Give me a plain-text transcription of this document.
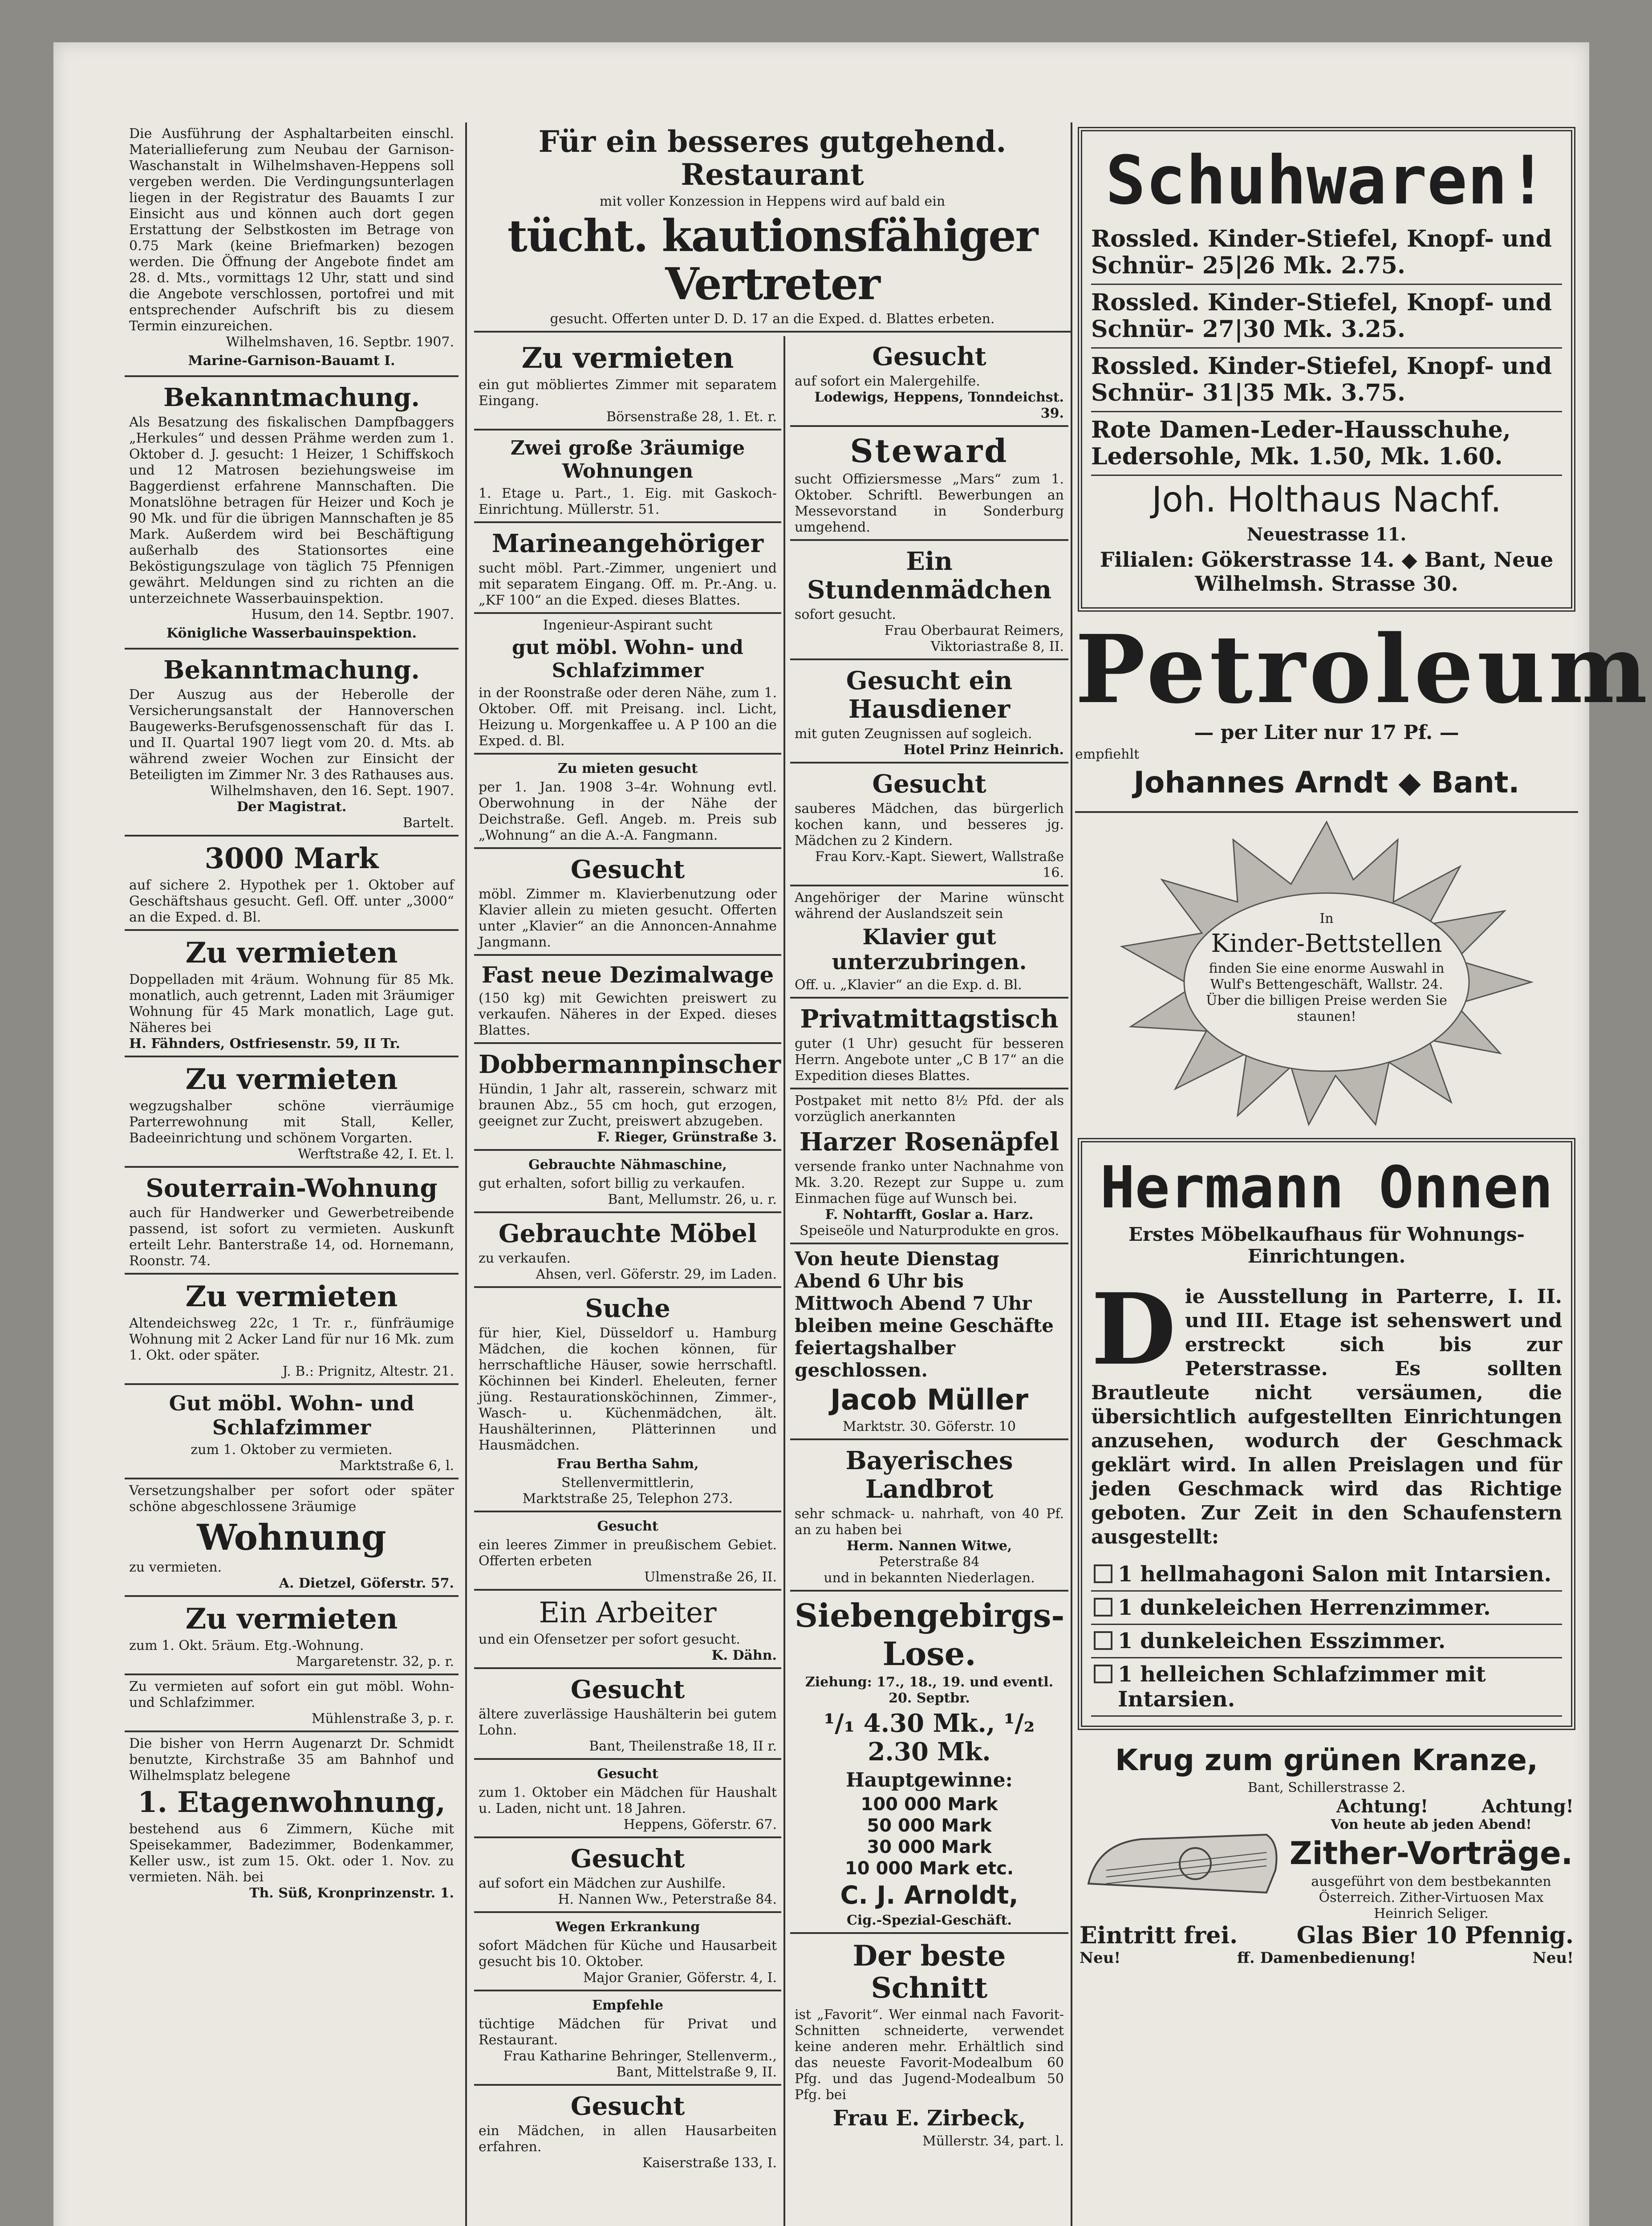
Die Ausführung der Asphaltarbeiten einschl. Materiallieferung zum Neubau der Garnison-Waschanstalt in Wilhelmshaven-Heppens soll vergeben werden. Die Verdingungsunterlagen liegen in der Registratur des Bauamts I zur Einsicht aus und können auch dort gegen Erstattung der Selbstkosten im Betrage von 0.75 Mark (keine Briefmarken) bezogen werden. Die Öffnung der Angebote findet am 28. d. Mts., vormittags 12 Uhr, statt und sind die Angebote verschlossen, portofrei und mit entsprechender Aufschrift bis zu diesem Termin einzureichen.
Wilhelmshaven, 16. Septbr. 1907.
Marine-Garnison-Bauamt I.
Bekanntmachung.
Als Besatzung des fiskalischen Dampfbaggers „Herkules“ und dessen Prähme werden zum 1. Oktober d. J. gesucht: 1 Heizer, 1 Schiffskoch und 12 Matrosen beziehungsweise im Baggerdienst erfahrene Mannschaften. Die Monatslöhne betragen für Heizer und Koch je 90 Mk. und für die übrigen Mannschaften je 85 Mark. Außerdem wird bei Beschäftigung außerhalb des Stationsortes eine Beköstigungszulage von täglich 75 Pfennigen gewährt. Meldungen sind zu richten an die unterzeichnete Wasserbauinspektion.
Husum, den 14. Septbr. 1907.
Königliche Wasserbauinspektion.
Bekanntmachung.
Der Auszug aus der Heberolle der Versicherungsanstalt der Hannoverschen Baugewerks-Berufsgenossenschaft für das I. und II. Quartal 1907 liegt vom 20. d. Mts. ab während zweier Wochen zur Einsicht der Beteiligten im Zimmer Nr. 3 des Rathauses aus.
Wilhelmshaven, den 16. Sept. 1907.
Der Magistrat.
Bartelt.
3000 Mark
auf sichere 2. Hypothek per 1. Oktober auf Geschäftshaus gesucht. Gefl. Off. unter „3000“ an die Exped. d. Bl.
Zu vermieten
Doppelladen mit 4räum. Wohnung für 85 Mk. monatlich, auch getrennt, Laden mit 3räumiger Wohnung für 45 Mark monatlich, Lage gut. Näheres bei
H. Fähnders, Ostfriesenstr. 59, II Tr.
Zu vermieten
wegzugshalber schöne vierräumige Parterrewohnung mit Stall, Keller, Badeeinrichtung und schönem Vorgarten.
Werftstraße 42, I. Et. l.
Souterrain-Wohnung
auch für Handwerker und Gewerbetreibende passend, ist sofort zu vermieten. Auskunft erteilt Lehr. Banterstraße 14, od. Hornemann, Roonstr. 74.
Zu vermieten
Altendeichsweg 22c, 1 Tr. r., fünfräumige Wohnung mit 2 Acker Land für nur 16 Mk. zum 1. Okt. oder später.
J. B.: Prignitz, Altestr. 21.
Gut möbl. Wohn- und Schlafzimmer
zum 1. Oktober zu vermieten.
Marktstraße 6, l.
Versetzungshalber per sofort oder später schöne abgeschlossene 3räumige
Wohnung
zu vermieten.
A. Dietzel, Göferstr. 57.
Zu vermieten
zum 1. Okt. 5räum. Etg.-Wohnung.
Margaretenstr. 32, p. r.
Zu vermieten auf sofort ein gut möbl. Wohn- und Schlafzimmer.
Mühlenstraße 3, p. r.
Die bisher von Herrn Augenarzt Dr. Schmidt benutzte, Kirchstraße 35 am Bahnhof und Wilhelmsplatz belegene
1. Etagenwohnung,
bestehend aus 6 Zimmern, Küche mit Speisekammer, Badezimmer, Bodenkammer, Keller usw., ist zum 15. Okt. oder 1. Nov. zu vermieten. Näh. bei
Th. Süß, Kronprinzenstr. 1.
Für ein besseres gutgehend. Restaurant
mit voller Konzession in Heppens wird auf bald ein
tücht. kautionsfähiger Vertreter
gesucht. Offerten unter D. D. 17 an die Exped. d. Blattes erbeten.
Zu vermieten
ein gut möbliertes Zimmer mit separatem Eingang.
Börsenstraße 28, 1. Et. r.
Zwei große 3räumige Wohnungen
1. Etage u. Part., 1. Eig. mit Gaskoch-Einrichtung. Müllerstr. 51.
Marineangehöriger
sucht möbl. Part.-Zimmer, ungeniert und mit separatem Eingang. Off. m. Pr.-Ang. u. „KF 100“ an die Exped. dieses Blattes.
Ingenieur-Aspirant sucht
gut möbl. Wohn- und Schlafzimmer
in der Roonstraße oder deren Nähe, zum 1. Oktober. Off. mit Preisang. incl. Licht, Heizung u. Morgenkaffee u. A P 100 an die Exped. d. Bl.
Zu mieten gesucht
per 1. Jan. 1908 3–4r. Wohnung evtl. Oberwohnung in der Nähe der Deichstraße. Gefl. Angeb. m. Preis sub „Wohnung“ an die A.-A. Fangmann.
Gesucht
möbl. Zimmer m. Klavierbenutzung oder Klavier allein zu mieten gesucht. Offerten unter „Klavier“ an die Annoncen-Annahme Jangmann.
Fast neue Dezimalwage
(150 kg) mit Gewichten preiswert zu verkaufen. Näheres in der Exped. dieses Blattes.
Dobbermannpinscher
Hündin, 1 Jahr alt, rasserein, schwarz mit braunen Abz., 55 cm hoch, gut erzogen, geeignet zur Zucht, preiswert abzugeben.
F. Rieger, Grünstraße 3.
Gebrauchte Nähmaschine,
gut erhalten, sofort billig zu verkaufen.
Bant, Mellumstr. 26, u. r.
Gebrauchte Möbel
zu verkaufen.
Ahsen, verl. Göferstr. 29, im Laden.
Suche
für hier, Kiel, Düsseldorf u. Hamburg Mädchen, die kochen können, für herrschaftliche Häuser, sowie herrschaftl. Köchinnen bei Kinderl. Eheleuten, ferner jüng. Restaurationsköchinnen, Zimmer-, Wasch- u. Küchenmädchen, ält. Haushälterinnen, Plätterinnen und Hausmädchen.
Frau Bertha Sahm,
Stellenvermittlerin,
Marktstraße 25, Telephon 273.
Gesucht
ein leeres Zimmer in preußischem Gebiet. Offerten erbeten
Ulmenstraße 26, II.
Ein Arbeiter
und ein Ofensetzer per sofort gesucht.
K. Dähn.
Gesucht
ältere zuverlässige Haushälterin bei gutem Lohn.
Bant, Theilenstraße 18, II r.
Gesucht
zum 1. Oktober ein Mädchen für Haushalt u. Laden, nicht unt. 18 Jahren.
Heppens, Göferstr. 67.
Gesucht
auf sofort ein Mädchen zur Aushilfe.
H. Nannen Ww., Peterstraße 84.
Wegen Erkrankung
sofort Mädchen für Küche und Hausarbeit gesucht bis 10. Oktober.
Major Granier, Göferstr. 4, I.
Empfehle
tüchtige Mädchen für Privat und Restaurant.
Frau Katharine Behringer, Stellenverm., Bant, Mittelstraße 9, II.
Gesucht
ein Mädchen, in allen Hausarbeiten erfahren.
Kaiserstraße 133, I.
Gesucht
auf sofort ein Malergehilfe.
Lodewigs, Heppens, Tonndeichst. 39.
Steward
sucht Offiziersmesse „Mars“ zum 1. Oktober. Schriftl. Bewerbungen an Messevorstand in Sonderburg umgehend.
Ein Stundenmädchen
sofort gesucht.
Frau Oberbaurat Reimers, Viktoriastraße 8, II.
Gesucht ein Hausdiener
mit guten Zeugnissen auf sogleich.
Hotel Prinz Heinrich.
Gesucht
sauberes Mädchen, das bürgerlich kochen kann, und besseres jg. Mädchen zu 2 Kindern.
Frau Korv.-Kapt. Siewert, Wallstraße 16.
Angehöriger der Marine wünscht während der Auslandszeit sein
Klavier gut unterzubringen.
Off. u. „Klavier“ an die Exp. d. Bl.
Privatmittagstisch
guter (1 Uhr) gesucht für besseren Herrn. Angebote unter „C B 17“ an die Expedition dieses Blattes.
Postpaket mit netto 8½ Pfd. der als vorzüglich anerkannten
Harzer Rosenäpfel
versende franko unter Nachnahme von Mk. 3.20. Rezept zur Suppe u. zum Einmachen füge auf Wunsch bei.
F. Nohtarfft, Goslar a. Harz.
Speiseöle und Naturprodukte en gros.
Von heute Dienstag Abend 6 Uhr bis Mittwoch Abend 7 Uhr bleiben meine Geschäfte feiertagshalber geschlossen.
Jacob Müller
Marktstr. 30. Göferstr. 10
Bayerisches Landbrot
sehr schmack- u. nahrhaft, von 40 Pf. an zu haben bei
Herm. Nannen Witwe,
Peterstraße 84
und in bekannten Niederlagen.
Siebengebirgs-
Lose.
Ziehung: 17., 18., 19. und eventl. 20. Septbr.
¹/₁ 4.30 Mk., ¹/₂ 2.30 Mk.
Hauptgewinne:
100 000 Mark
50 000 Mark
30 000 Mark
10 000 Mark etc.
C. J. Arnoldt,
Cig.-Spezial-Geschäft.
Der beste Schnitt
ist „Favorit“. Wer einmal nach Favorit-Schnitten schneiderte, verwendet keine anderen mehr. Erhältlich sind das neueste Favorit-Modealbum 60 Pfg. und das Jugend-Modealbum 50 Pfg. bei
Frau E. Zirbeck,
Müllerstr. 34, part. l.
Schuhwaren!
Rossled. Kinder-Stiefel, Knopf- und Schnür- 25|26 Mk. 2.75.
Rossled. Kinder-Stiefel, Knopf- und Schnür- 27|30 Mk. 3.25.
Rossled. Kinder-Stiefel, Knopf- und Schnür- 31|35 Mk. 3.75.
Rote Damen-Leder-Hausschuhe, Ledersohle, Mk. 1.50, Mk. 1.60.
Joh. Holthaus Nachf.
Neuestrasse 11.
Filialen: Gökerstrasse 14. ◆ Bant, Neue Wilhelmsh. Strasse 30.
Petroleum
— per Liter nur 17 Pf. —
empfiehlt
Johannes Arndt ◆ Bant.
In
Kinder-Bettstellen
finden Sie eine enorme Auswahl in Wulf's Bettengeschäft, Wallstr. 24. Über die billigen Preise werden Sie staunen!
Hermann Onnen
Erstes Möbelkaufhaus für Wohnungs-Einrichtungen.
D ie Ausstellung in Parterre, I. II. und III. Etage ist sehenswert und erstreckt sich bis zur Peterstrasse. Es sollten Brautleute nicht versäumen, die übersichtlich aufgestellten Einrichtungen anzusehen, wodurch der Geschmack geklärt wird. In allen Preislagen und für jeden Geschmack wird das Richtige geboten. Zur Zeit in den Schaufenstern ausgestellt:
1 hellmahagoni Salon mit Intarsien.
1 dunkeleichen Herrenzimmer.
1 dunkeleichen Esszimmer.
1 helleichen Schlafzimmer mit Intarsien.
Krug zum grünen Kranze,
Bant, Schillerstrasse 2.
Achtung!	Achtung!
Von heute ab jeden Abend!
Zither-Vorträge.
ausgeführt von dem bestbekannten Österreich. Zither-Virtuosen Max Heinrich Seliger.
Eintritt frei.	Glas Bier 10 Pfennig.
Neu!	ff. Damenbedienung!	Neu!
